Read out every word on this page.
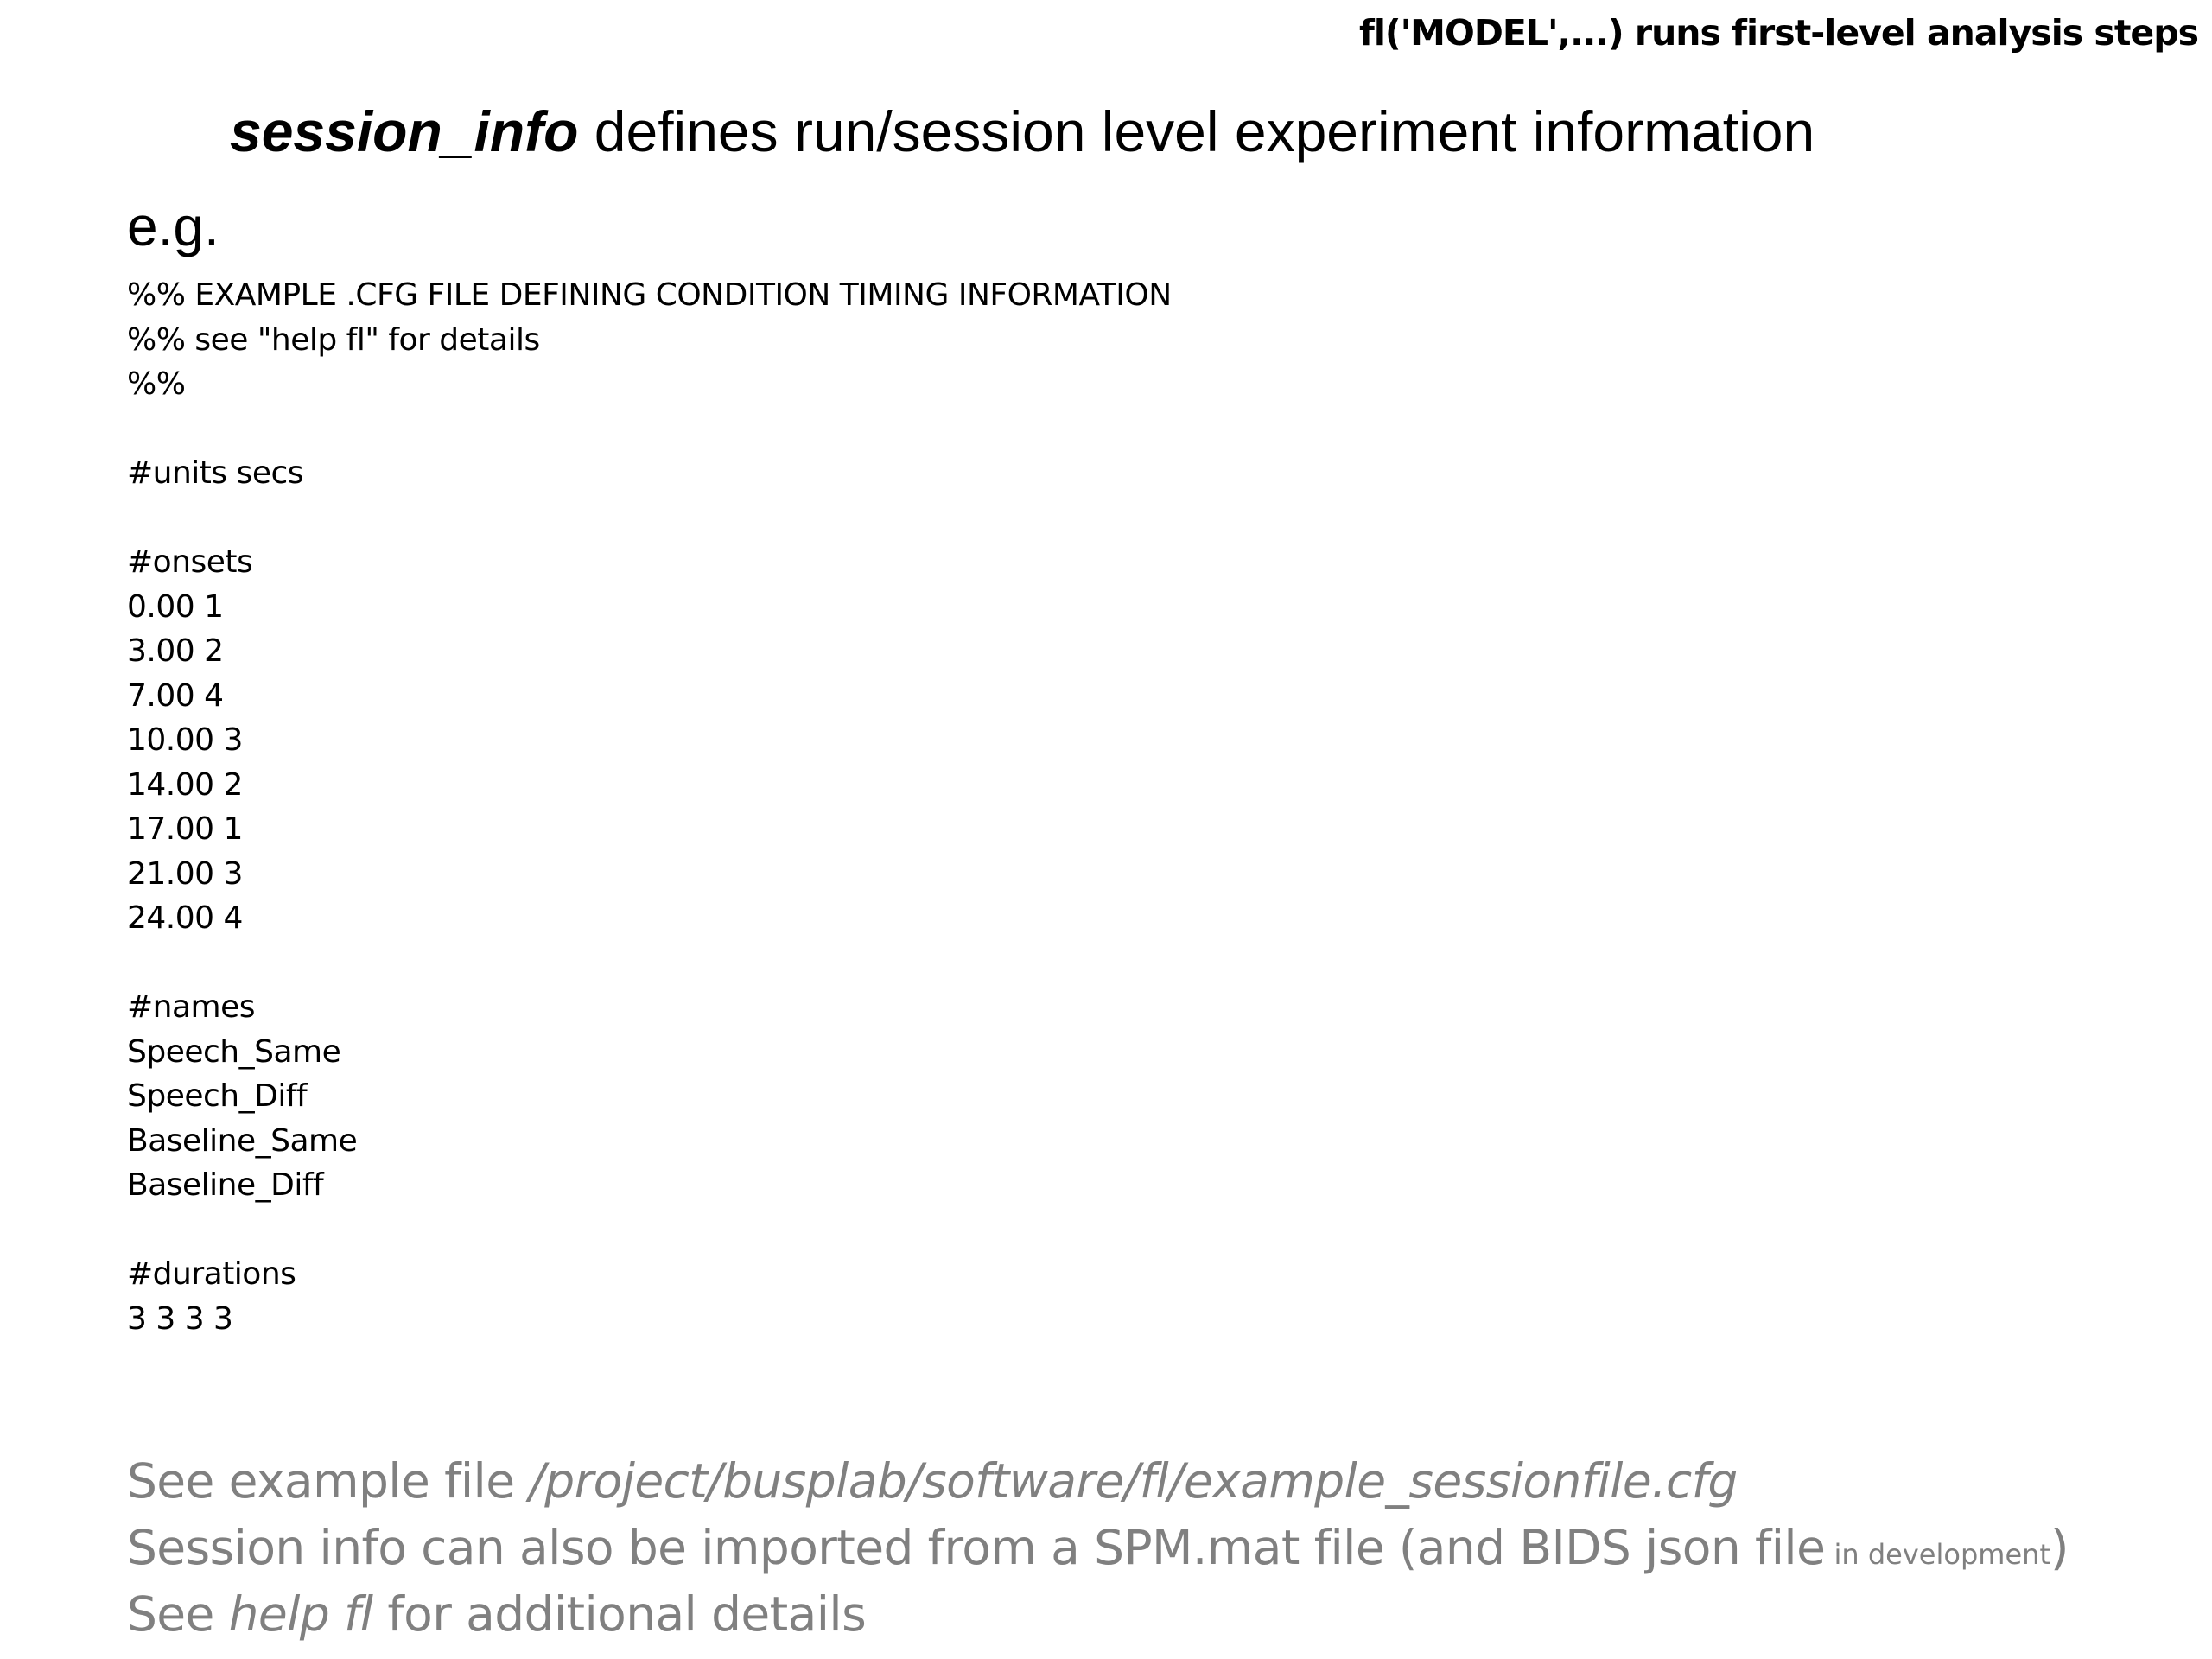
fl('MODEL',...) runs first-level analysis steps
session_info defines run/session level experiment information
e.g.
%% EXAMPLE .CFG FILE DEFINING CONDITION TIMING INFORMATION
%% see "help fl" for details
%%
#units secs
#onsets
0.00 1
3.00 2
7.00 4
10.00 3
14.00 2
17.00 1
21.00 3
24.00 4
#names
Speech_Same
Speech_Diff
Baseline_Same
Baseline_Diff
#durations
3 3 3 3
See example file /project/busplab/software/fl/example_sessionfile.cfg
Session info can also be imported from a SPM.mat file (and BIDS json file in development)
See help fl for additional details
